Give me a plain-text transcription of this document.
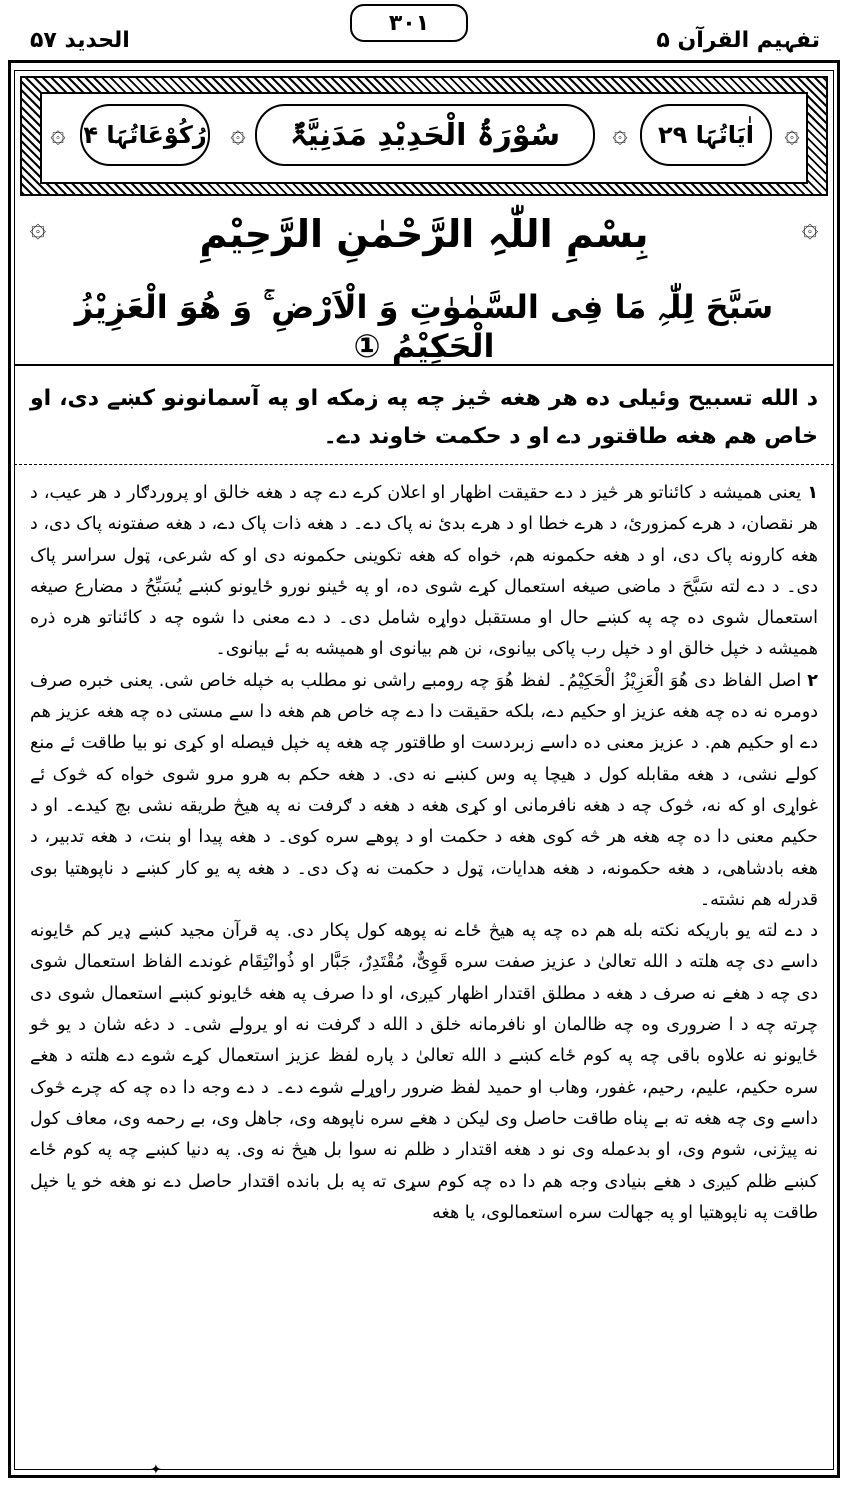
تفہیم القرآن ۵
۳۰۱
الحدید ۵۷
۞	۞
۞	۞
اٰیَاتُہَا ۲۹
سُوْرَۃُ الْحَدِیْدِ مَدَنِیَّۃٌ
رُکُوْعَاتُہَا ۴
۞	۞
بِسْمِ اللّٰہِ الرَّحْمٰنِ الرَّحِیْمِ
سَبَّحَ لِلّٰہِ مَا فِی السَّمٰوٰتِ وَ الْاَرْضِ ۚ وَ ھُوَ الْعَزِیْزُ الْحَکِیْمُ ①
د الله تسبيح وئيلی ده هر هغه څيز چه په زمکه او په آسمانونو کښے دی، او خاص هم هغه طاقتور دے او د حکمت خاوند دے۔

۱ يعنی هميشه د کائناتو هر څيز د دے حقيقت اظهار او اعلان کرے دے چه د هغه خالق او پروردګار د هر عيب، د هر نقصان، د هرے کمزورئ، د هرے خطا او د هرے بدئ نه پاک دے۔ د هغه ذات پاک دے، د هغه صفتونه پاک دی، د هغه کارونه پاک دی، او د هغه حکمونه هم، خواه که هغه تکوينی حکمونه دی او که شرعی، ټول سراسر پاک دی۔ د دے لته سَبَّحَ د ماضی صيغه استعمال کړے شوی ده، او په ځينو نورو ځايونو کښے يُسَبِّحُ د مضارع صيغه استعمال شوی ده چه په کښے حال او مستقبل دواړه شامل دی۔ د دے معنی دا شوه چه د کائناتو هره ذره هميشه د خپل خالق او د خپل رب پاکی بيانوی، نن هم بيانوی او هميشه به ئے بيانوی۔

۲ اصل الفاظ دی ھُوَ الْعَزِیْزُ الْحَکِیْمُ۔ لفظ ھُوَ چه رومبے راشی نو مطلب به خپله خاص شی. يعنی خبره صرف دومره نه ده چه هغه عزيز او حکيم دے، بلکه حقيقت دا دے چه خاص هم هغه دا سے مستی ده چه هغه عزيز هم دے او حکيم هم. د عزيز معنی ده داسے زبردست او طاقتور چه هغه په خپل فيصله او کړی نو بيا طاقت ئے منع کولے نشی، د هغه مقابله کول د هيچا په وس کښے نه دی. د هغه حکم به هرو مرو شوی خواه که څوک ئے غواړی او که نه، څوک چه د هغه نافرمانی او کړی هغه د هغه د ګرفت نه په هيڅ طريقه نشی بچ کيدے۔ او د حکيم معنی دا ده چه هغه هر څه کوی هغه د حکمت او د پوهے سره کوی۔ د هغه پيدا او بنت، د هغه تدبير، د هغه بادشاهی، د هغه حکمونه، د هغه هدايات، ټول د حکمت نه ډک دی۔ د هغه په يو کار کښے د ناپوهتيا بوی قدرله هم نشته۔

د دے لته يو باريکه نکته بله هم ده چه په هيڅ ځاے نه پوهه کول پکار دی. په قرآن مجيد کښے ډير کم ځايونه داسے دی چه هلته د الله تعالیٰ د عزيز صفت سره قَوِیٌّ، مُقْتَدِرٌ، جَبَّار او ذُوانْتِقَام غوندے الفاظ استعمال شوی دی چه د هغے نه صرف د هغه د مطلق اقتدار اظهار کيږی، او دا صرف په هغه ځايونو کښے استعمال شوی دی چرته چه د ا ضروری وه چه ظالمان او نافرمانه خلق د الله د ګرفت نه او يرولے شی۔ د دغه شان د يو څو ځايونو نه علاوه باقی چه په کوم ځاے کښے د الله تعالیٰ د پاره لفظ عزيز استعمال کړے شوے دے هلته د هغے سره حکيم، عليم، رحيم، غفور، وهاب او حميد لفظ ضرور راوړلے شوے دے۔ د دے وجه دا ده چه که چرے څوک داسے وی چه هغه ته بے پناه طاقت حاصل وی ليکن د هغے سره ناپوهه وی، جاهل وی، بے رحمه وی، معاف کول نه پيژنی، شوم وی، او بدعمله وی نو د هغه اقتدار د ظلم نه سوا بل هيڅ نه وی. په دنيا کښے چه په کوم ځاے کښے ظلم کيږی د هغے بنيادی وجه هم دا ده چه کوم سړی ته په بل بانده اقتدار حاصل دے نو هغه خو يا خپل طاقت په ناپوهتيا او په جهالت سره استعمالوی، يا هغه

✦
